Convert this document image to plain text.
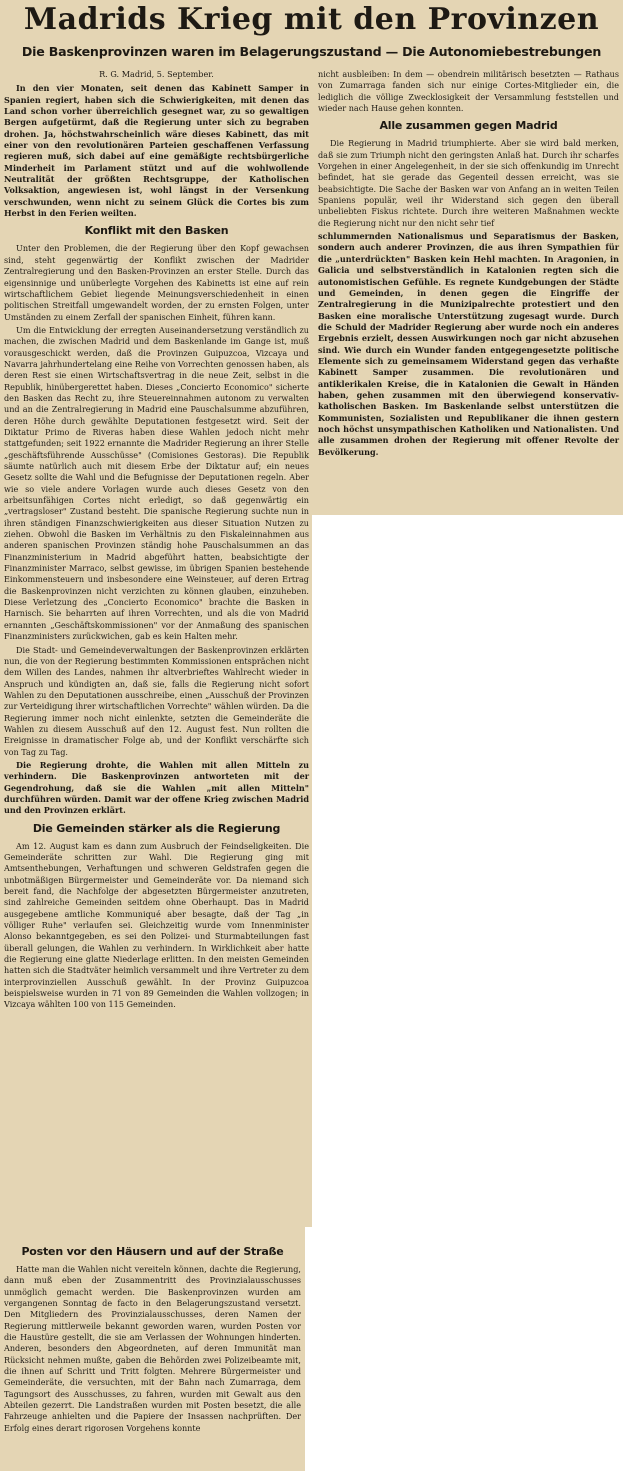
Madrids Krieg mit den Provinzen
Die Baskenprovinzen waren im Belagerungszustand — Die Autonomiebestrebungen

R. G. Madrid, 5. September.

In den vier Monaten, seit denen das Kabinett Samper in Spanien regiert, haben sich die Schwierigkeiten, mit denen das Land schon vorher überreichlich gesegnet war, zu so gewaltigen Bergen aufgetürmt, daß die Regierung unter sich zu begraben drohen. Ja, höchstwahrscheinlich wäre dieses Kabinett, das mit einer von den revolutionären Parteien geschaffenen Verfassung regieren muß, sich dabei auf eine gemäßigte rechtsbürgerliche Minderheit im Parlament stützt und auf die wohlwollende Neutralität der größten Rechtsgruppe, der Katholischen Volksaktion, angewiesen ist, wohl längst in der Versenkung verschwunden, wenn nicht zu seinem Glück die Cortes bis zum Herbst in den Ferien weilten.

Konflikt mit den Basken

Unter den Problemen, die der Regierung über den Kopf gewachsen sind, steht gegenwärtig der Konflikt zwischen der Madrider Zentralregierung und den Basken-Provinzen an erster Stelle. Durch das eigensinnige und unüberlegte Vorgehen des Kabinetts ist eine auf rein wirtschaftlichem Gebiet liegende Meinungsverschiedenheit in einen politischen Streitfall umgewandelt worden, der zu ernsten Folgen, unter Umständen zu einem Zerfall der spanischen Einheit, führen kann.

Um die Entwicklung der erregten Auseinandersetzung verständlich zu machen, die zwischen Madrid und dem Baskenlande im Gange ist, muß vorausgeschickt werden, daß die Provinzen Guipuzcoa, Vizcaya und Navarra jahrhundertelang eine Reihe von Vorrechten genossen haben, als deren Rest sie einen Wirtschaftsvertrag in die neue Zeit, selbst in die Republik, hinübergerettet haben. Dieses „Concierto Economico" sicherte den Basken das Recht zu, ihre Steuereinnahmen autonom zu verwalten und an die Zentralregierung in Madrid eine Pauschalsumme abzuführen, deren Höhe durch gewählte Deputationen festgesetzt wird. Seit der Diktatur Primo de Riveras haben diese Wahlen jedoch nicht mehr stattgefunden; seit 1922 ernannte die Madrider Regierung an ihrer Stelle „geschäftsführende Ausschüsse" (Comisiones Gestoras). Die Republik säumte natürlich auch mit diesem Erbe der Diktatur auf; ein neues Gesetz sollte die Wahl und die Befugnisse der Deputationen regeln. Aber wie so viele andere Vorlagen wurde auch dieses Gesetz von den arbeitsunfähigen Cortes nicht erledigt, so daß gegenwärtig ein „vertragsloser" Zustand besteht. Die spanische Regierung suchte nun in ihren ständigen Finanzschwierigkeiten aus dieser Situation Nutzen zu ziehen. Obwohl die Basken im Verhältnis zu den Fiskaleinnahmen aus anderen spanischen Provinzen ständig hohe Pauschalsummen an das Finanzministerium in Madrid abgeführt hatten, beabsichtigte der Finanzminister Marraco, selbst gewisse, im übrigen Spanien bestehende Einkommensteuern und insbesondere eine Weinsteuer, auf deren Ertrag die Baskenprovinzen nicht verzichten zu können glauben, einzuheben. Diese Verletzung des „Concierto Economico" brachte die Basken in Harnisch. Sie beharrten auf ihren Vorrechten, und als die von Madrid ernannten „Geschäftskommissionen" vor der Anmaßung des spanischen Finanzministers zurückwichen, gab es kein Halten mehr.

Die Stadt- und Gemeindeverwaltungen der Baskenprovinzen erklärten nun, die von der Regierung bestimmten Kommissionen entsprächen nicht dem Willen des Landes, nahmen ihr altverbrieftes Wahlrecht wieder in Anspruch und kündigten an, daß sie, falls die Regierung nicht sofort Wahlen zu den Deputationen ausschreibe, einen „Ausschuß der Provinzen zur Verteidigung ihrer wirtschaftlichen Vorrechte" wählen würden. Da die Regierung immer noch nicht einlenkte, setzten die Gemeinderäte die Wahlen zu diesem Ausschuß auf den 12. August fest. Nun rollten die Ereignisse in dramatischer Folge ab, und der Konflikt verschärfte sich von Tag zu Tag.

Die Regierung drohte, die Wahlen mit allen Mitteln zu verhindern. Die Baskenprovinzen antworteten mit der Gegendrohung, daß sie die Wahlen „mit allen Mitteln" durchführen würden. Damit war der offene Krieg zwischen Madrid und den Provinzen erklärt.

Die Gemeinden stärker als die Regierung

Am 12. August kam es dann zum Ausbruch der Feindseligkeiten. Die Gemeinderäte schritten zur Wahl. Die Regierung ging mit Amtsenthebungen, Verhaftungen und schweren Geldstrafen gegen die unbotmäßigen Bürgermeister und Gemeinderäte vor. Da niemand sich bereit fand, die Nachfolge der abgesetzten Bürgermeister anzutreten, sind zahlreiche Gemeinden seitdem ohne Oberhaupt. Das in Madrid ausgegebene amtliche Kommuniqué aber besagte, daß der Tag „in völliger Ruhe" verlaufen sei. Gleichzeitig wurde vom Innenminister Alonso bekanntgegeben, es sei den Polizei- und Sturmabteilungen fast überall gelungen, die Wahlen zu verhindern. In Wirklichkeit aber hatte die Regierung eine glatte Niederlage erlitten. In den meisten Gemeinden hatten sich die Stadtväter heimlich versammelt und ihre Vertreter zu dem interprovinziellen Ausschuß gewählt. In der Provinz Guipuzcoa beispielsweise wurden in 71 von 89 Gemeinden die Wahlen vollzogen; in Vizcaya wählten 100 von 115 Gemeinden.

Posten vor den Häusern und auf der Straße

Hatte man die Wahlen nicht vereiteln können, dachte die Regierung, dann muß eben der Zusammentritt des Provinzialausschusses unmöglich gemacht werden. Die Baskenprovinzen wurden am vergangenen Sonntag de facto in den Belagerungszustand versetzt. Den Mitgliedern des Provinzialausschusses, deren Namen der Regierung mittlerweile bekannt geworden waren, wurden Posten vor die Haustüre gestellt, die sie am Verlassen der Wohnungen hinderten. Anderen, besonders den Abgeordneten, auf deren Immunität man Rücksicht nehmen mußte, gaben die Behörden zwei Polizeibeamte mit, die ihnen auf Schritt und Tritt folgten. Mehrere Bürgermeister und Gemeinderäte, die versuchten, mit der Bahn nach Zumarraga, dem Tagungsort des Ausschusses, zu fahren, wurden mit Gewalt aus den Abteilen gezerrt. Die Landstraßen wurden mit Posten besetzt, die alle Fahrzeuge anhielten und die Papiere der Insassen nachprüften. Der Erfolg eines derart rigorosen Vorgehens konnte

nicht ausbleiben: In dem — obendrein militärisch besetzten — Rathaus von Zumarraga fanden sich nur einige Cortes-Mitglieder ein, die lediglich die völlige Zwecklosigkeit der Versammlung feststellen und wieder nach Hause gehen konnten.

Alle zusammen gegen Madrid

Die Regierung in Madrid triumphierte. Aber sie wird bald merken, daß sie zum Triumph nicht den geringsten Anlaß hat. Durch ihr scharfes Vorgehen in einer Angelegenheit, in der sie sich offenkundig im Unrecht befindet, hat sie gerade das Gegenteil dessen erreicht, was sie beabsichtigte. Die Sache der Basken war von Anfang an in weiten Teilen Spaniens populär, weil ihr Widerstand sich gegen den überall unbeliebten Fiskus richtete. Durch ihre weiteren Maßnahmen weckte die Regierung nicht nur den nicht sehr tief

schlummernden Nationalismus und Separatismus der Basken, sondern auch anderer Provinzen, die aus ihren Sympathien für die „unterdrückten" Basken kein Hehl machten. In Aragonien, in Galicia und selbstverständlich in Katalonien regten sich die autonomistischen Gefühle. Es regnete Kundgebungen der Städte und Gemeinden, in denen gegen die Eingriffe der Zentralregierung in die Munizipalrechte protestiert und den Basken eine moralische Unterstützung zugesagt wurde. Durch die Schuld der Madrider Regierung aber wurde noch ein anderes Ergebnis erzielt, dessen Auswirkungen noch gar nicht abzusehen sind. Wie durch ein Wunder fanden entgegengesetzte politische Elemente sich zu gemeinsamem Widerstand gegen das verhaßte Kabinett Samper zusammen. Die revolutionären und antiklerikalen Kreise, die in Katalonien die Gewalt in Händen haben, gehen zusammen mit den überwiegend konservativ-katholischen Basken. Im Baskenlande selbst unterstützen die Kommunisten, Sozialisten und Republikaner die ihnen gestern noch höchst unsympathischen Katholiken und Nationalisten. Und alle zusammen drohen der Regierung mit offener Revolte der Bevölkerung.
